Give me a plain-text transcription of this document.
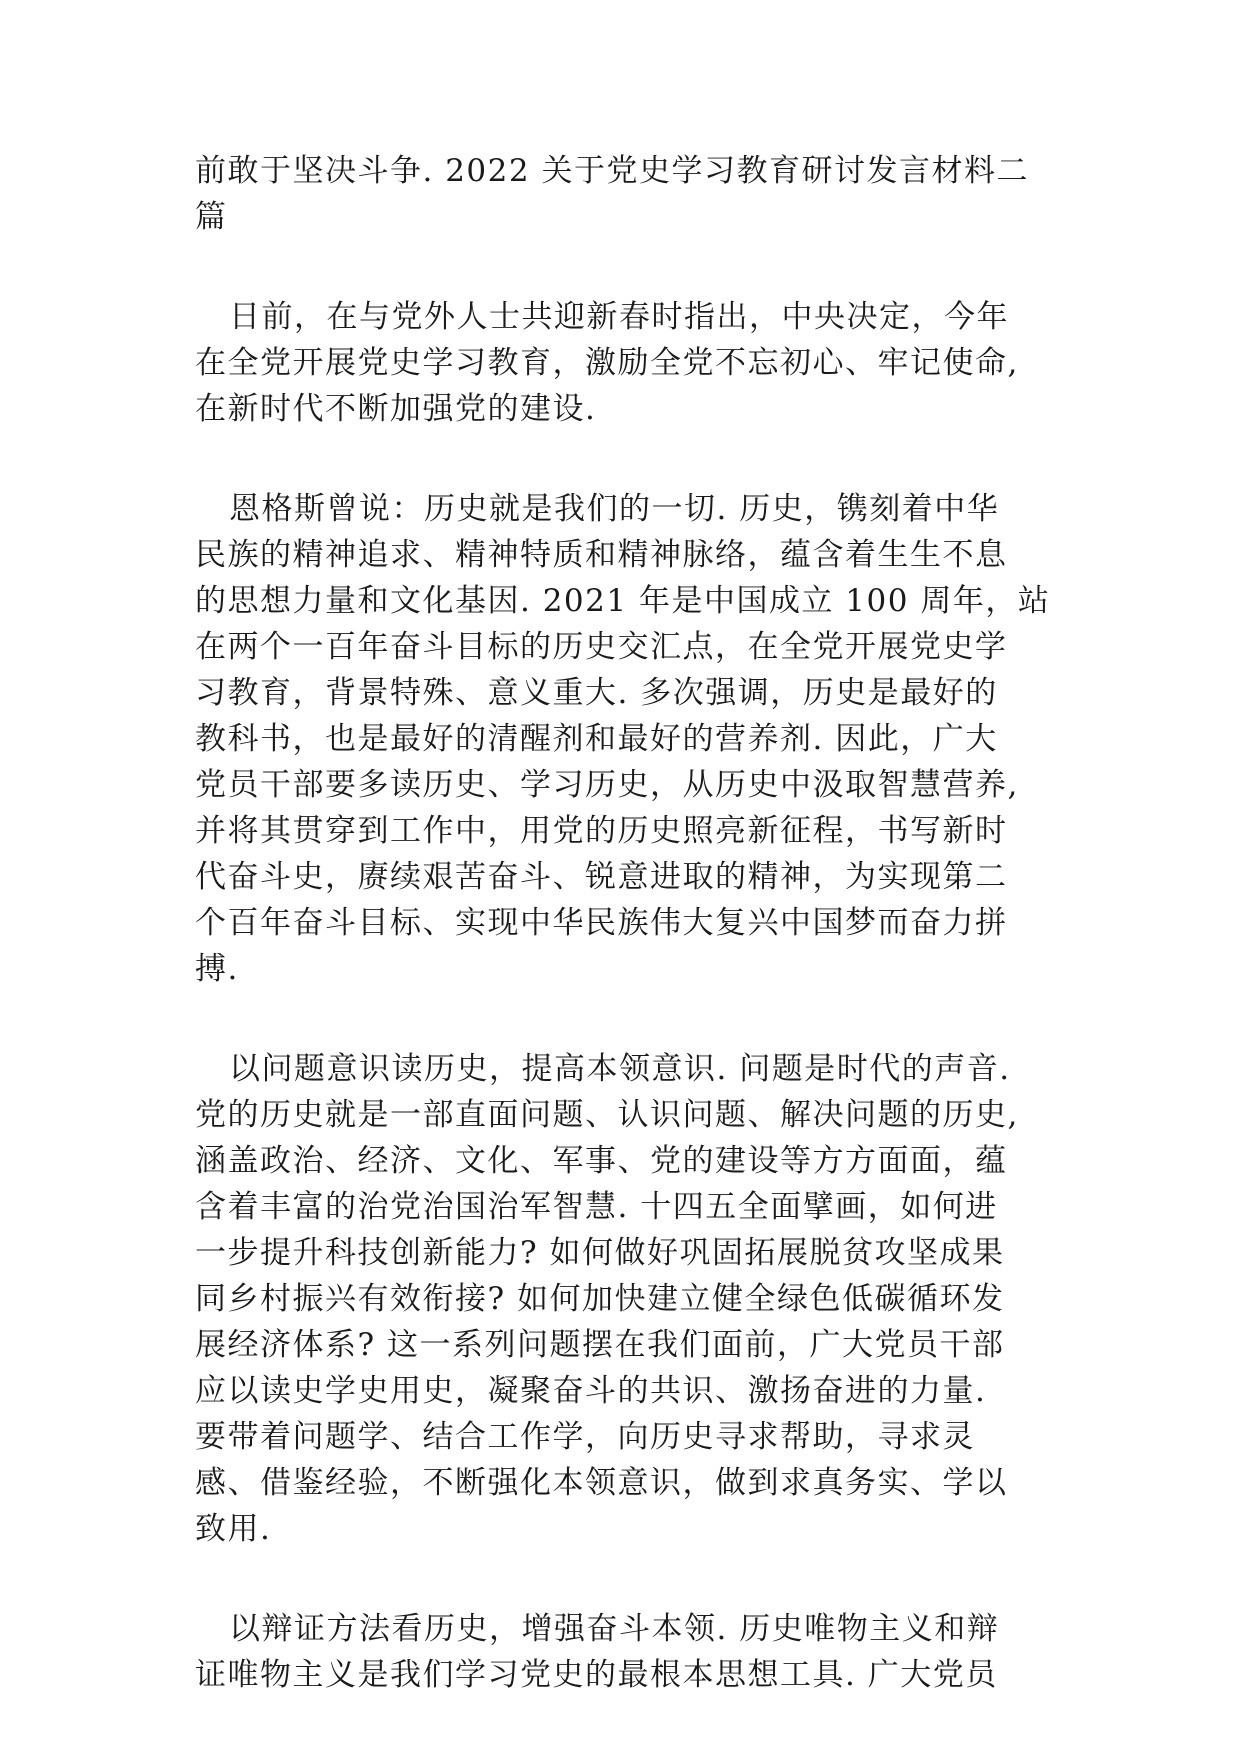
前敢于坚决斗争. 2022 关于党史学习教育研讨发言材料二
篇
日前，在与党外人士共迎新春时指出，中央决定，今年
在全党开展党史学习教育，激励全党不忘初心、牢记使命,
在新时代不断加强党的建设.
恩格斯曾说：历史就是我们的一切. 历史，镌刻着中华
民族的精神追求、精神特质和精神脉络，蕴含着生生不息
的思想力量和文化基因. 2021 年是中国成立 100 周年，站
在两个一百年奋斗目标的历史交汇点，在全党开展党史学
习教育，背景特殊、意义重大. 多次强调，历史是最好的
教科书，也是最好的清醒剂和最好的营养剂. 因此，广大
党员干部要多读历史、学习历史，从历史中汲取智慧营养,
并将其贯穿到工作中，用党的历史照亮新征程，书写新时
代奋斗史，赓续艰苦奋斗、锐意进取的精神，为实现第二
个百年奋斗目标、实现中华民族伟大复兴中国梦而奋力拼
搏.
以问题意识读历史，提高本领意识. 问题是时代的声音.
党的历史就是一部直面问题、认识问题、解决问题的历史,
涵盖政治、经济、文化、军事、党的建设等方方面面，蕴
含着丰富的治党治国治军智慧. 十四五全面擘画，如何进
一步提升科技创新能力? 如何做好巩固拓展脱贫攻坚成果
同乡村振兴有效衔接? 如何加快建立健全绿色低碳循环发
展经济体系? 这一系列问题摆在我们面前，广大党员干部
应以读史学史用史，凝聚奋斗的共识、激扬奋进的力量.
要带着问题学、结合工作学，向历史寻求帮助，寻求灵
感、借鉴经验，不断强化本领意识，做到求真务实、学以
致用.
以辩证方法看历史，增强奋斗本领. 历史唯物主义和辩
证唯物主义是我们学习党史的最根本思想工具. 广大党员
